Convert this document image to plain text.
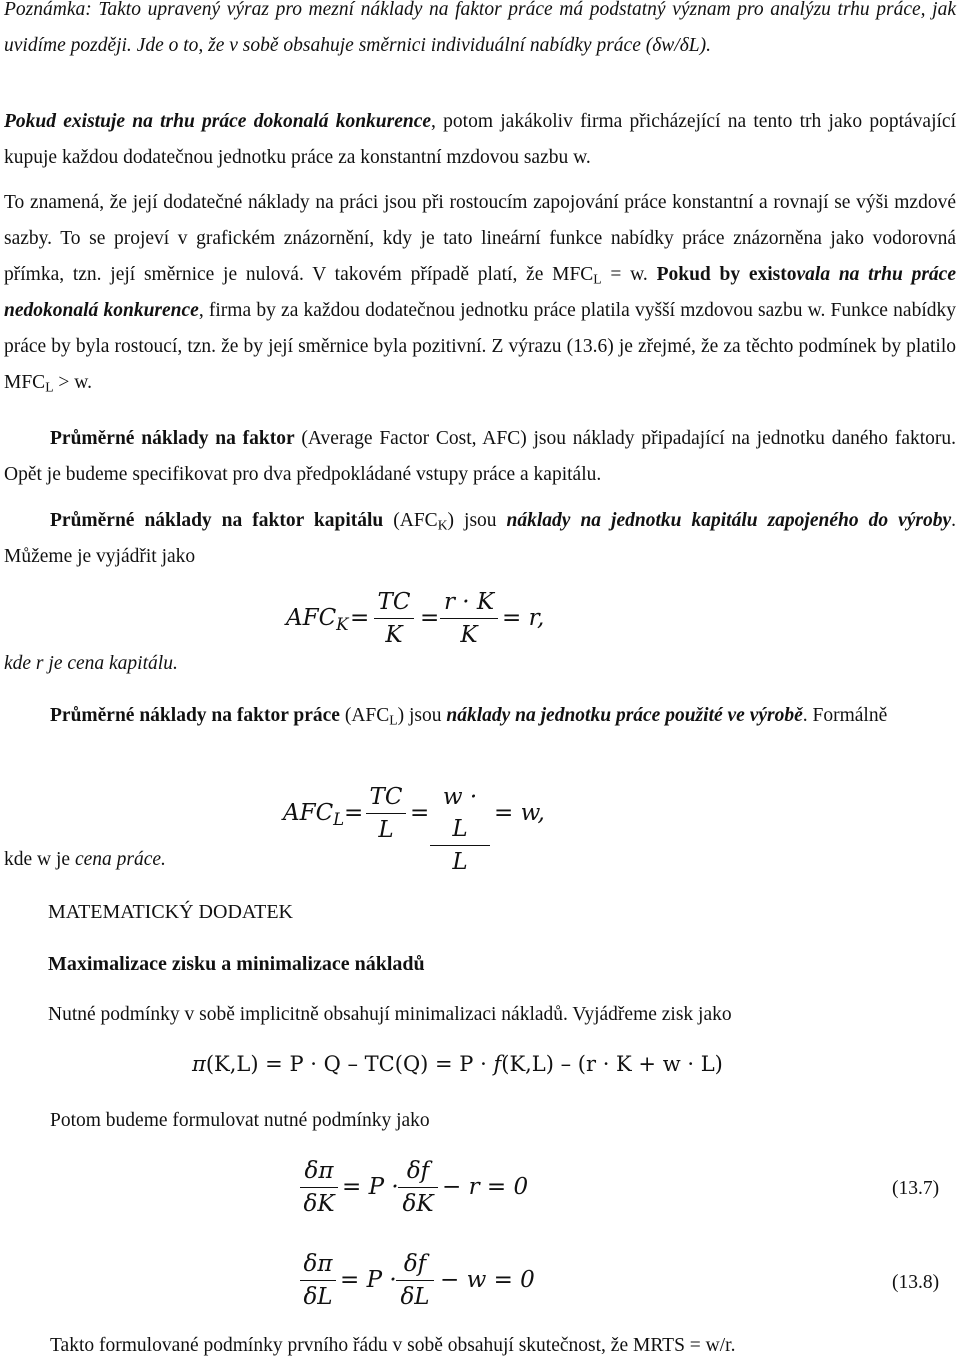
Poznámka: Takto upravený výraz pro mezní náklady na faktor práce má podstatný význam pro analýzu trhu práce, jak uvidíme později. Jde o to, že v sobě obsahuje směrnici individuální nabídky práce (δw/δL).

Pokud existuje na trhu práce dokonalá konkurence, potom jakákoliv firma přicházející na tento trh jako poptávající kupuje každou dodatečnou jednotku práce za konstantní mzdovou sazbu w.

To znamená, že její dodatečné náklady na práci jsou při rostoucím zapojování práce konstantní a rovnají se výši mzdové sazby. To se projeví v grafickém znázornění, kdy je tato lineární funkce nabídky práce znázorněna jako vodorovná přímka, tzn. její směrnice je nulová. V takovém případě platí, že $MFC_L = w$. Pokud by existovala na trhu práce nedokonalá konkurence, firma by za každou dodatečnou jednotku práce platila vyšší mzdovou sazbu w. Funkce nabídky práce by byla rostoucí, tzn. že by její směrnice byla pozitivní. Z výrazu (13.6) je zřejmé, že za těchto podmínek by platilo $MFC_L > w$.

Průměrné náklady na faktor (Average Factor Cost, AFC) jsou náklady připadající na jednotku daného faktoru. Opět je budeme specifikovat pro dva předpokládané vstupy práce a kapitálu.

Průměrné náklady na faktor kapitálu $(AFC_K)$ jsou náklady na jednotku kapitálu zapojeného do výroby. Můžeme je vyjádřit jako

$AFC_K = \frac{TC}{K} = \frac{r \cdot K}{K} = r$,

kde r je cena kapitálu.

Průměrné náklady na faktor práce $(AFC_L)$ jsou náklady na jednotku práce použité ve výrobě. Formálně

$AFC_L = \frac{TC}{L} = \frac{w \cdot L}{L} = w$,

kde w je cena práce.

MATEMATICKÝ DODATEK

Maximalizace zisku a minimalizace nákladů

Nutné podmínky v sobě implicitně obsahují minimalizaci nákladů. Vyjádřeme zisk jako

π(K,L) = P · Q – TC(Q) = P · f(K,L) – (r · K + w · L)

Potom budeme formulovat nutné podmínky jako

$\frac{\delta\pi}{\delta K} = P \cdot \frac{\delta f}{\delta K} - r = 0$	(13.7)
$\frac{\delta\pi}{\delta L} = P \cdot \frac{\delta f}{\delta L} - w = 0$	(13.8)

Takto formulované podmínky prvního řádu v sobě obsahují skutečnost, že MRTS = w/r.
